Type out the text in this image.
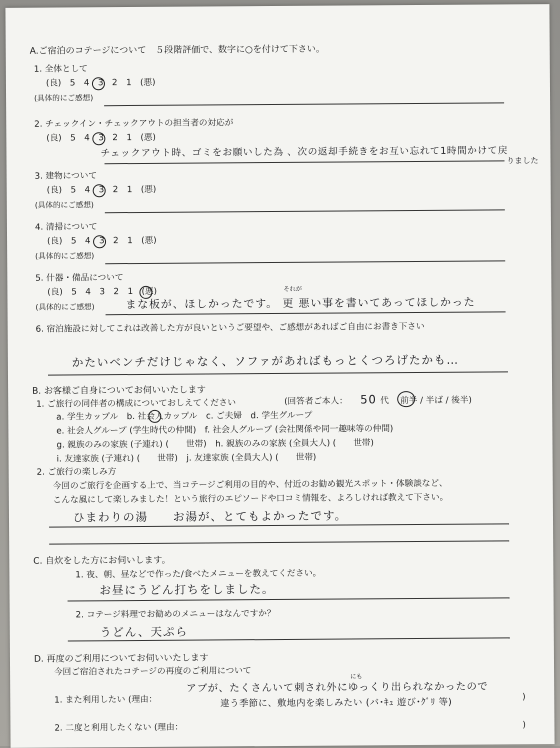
A.ご宿泊のコテージについて　５段階評価で、数字に○を付けて下さい。
1. 全体として
(良)　5　4　3　2　1　(悪)
(具体的にご感想)
2. チェックイン・チェックアウトの担当者の対応が
(良)　5　4　3　2　1　(悪)
チェックアウト時、ゴミをお願いした為 、次の返却手続きをお互い忘れて1時間かけて戻
りました
3. 建物について
(良)　5　4　3　2　1　(悪)
(具体的にご感想)
4. 清掃について
(良)　5　4　3　2　1　(悪)
(具体的にご感想)
5. 什器・備品について
(良)　5　4　3　2　1　(悪)
(具体的にご感想)
それが
まな板が、ほしかったです。 更 悪い事を書いてあってほしかった
6. 宿泊施設に対してこれは改善した方が良いというご要望や、ご感想があればご自由にお書き下さい
かたいベンチだけじゃなく、ソファがあればもっとくつろげたかも…
B. お客様ご自身についてお伺いいたします
1. ご旅行の同伴者の構成についておしえてください	(回答者ご本人： 50 代 前半 / 半ば / 後半)
a. 学生カップル　b. 社会人カップル　c. ご夫婦　d. 学生グループ
e. 社会人グループ (学生時代の仲間)　f. 社会人グループ (会社関係や同一趣味等の仲間)
g. 親族のみの家族 (子連れ) (　　世帯)　h. 親族のみの家族 (全員大人) (　　世帯)
i. 友達家族 (子連れ) (　　世帯)　j. 友達家族 (全員大人) (　　世帯)
2. ご旅行の楽しみ方
今回のご旅行を企画する上で、当コテージご利用の目的や、付近のお勧め観光スポット・体験談など、
こんな風にして楽しみました！という旅行のエピソードや口コミ情報を、よろしければ教えて下さい。
ひまわりの湯　　お湯が、とてもよかったです。
C. 自炊をした方にお伺いします。
1. 夜、朝、昼などで作った/食べたメニューを教えてください。
お昼にうどん打ちをしました。
2. コテージ料理でお勧めのメニューはなんですか？
うどん、天ぷら
D. 再度のご利用についてお伺いいたします
今回ご宿泊されたコテージの再度のご利用について
1. また利用したい (理由：
にも
アブが、たくさんいて刺され外にゆっくり出られなかったので
違う季節に、敷地内を楽しみたい (バ･ｷｭ 遊び･ｸﾞﾘ 等)	)
2. 二度と利用したくない (理由：	)
